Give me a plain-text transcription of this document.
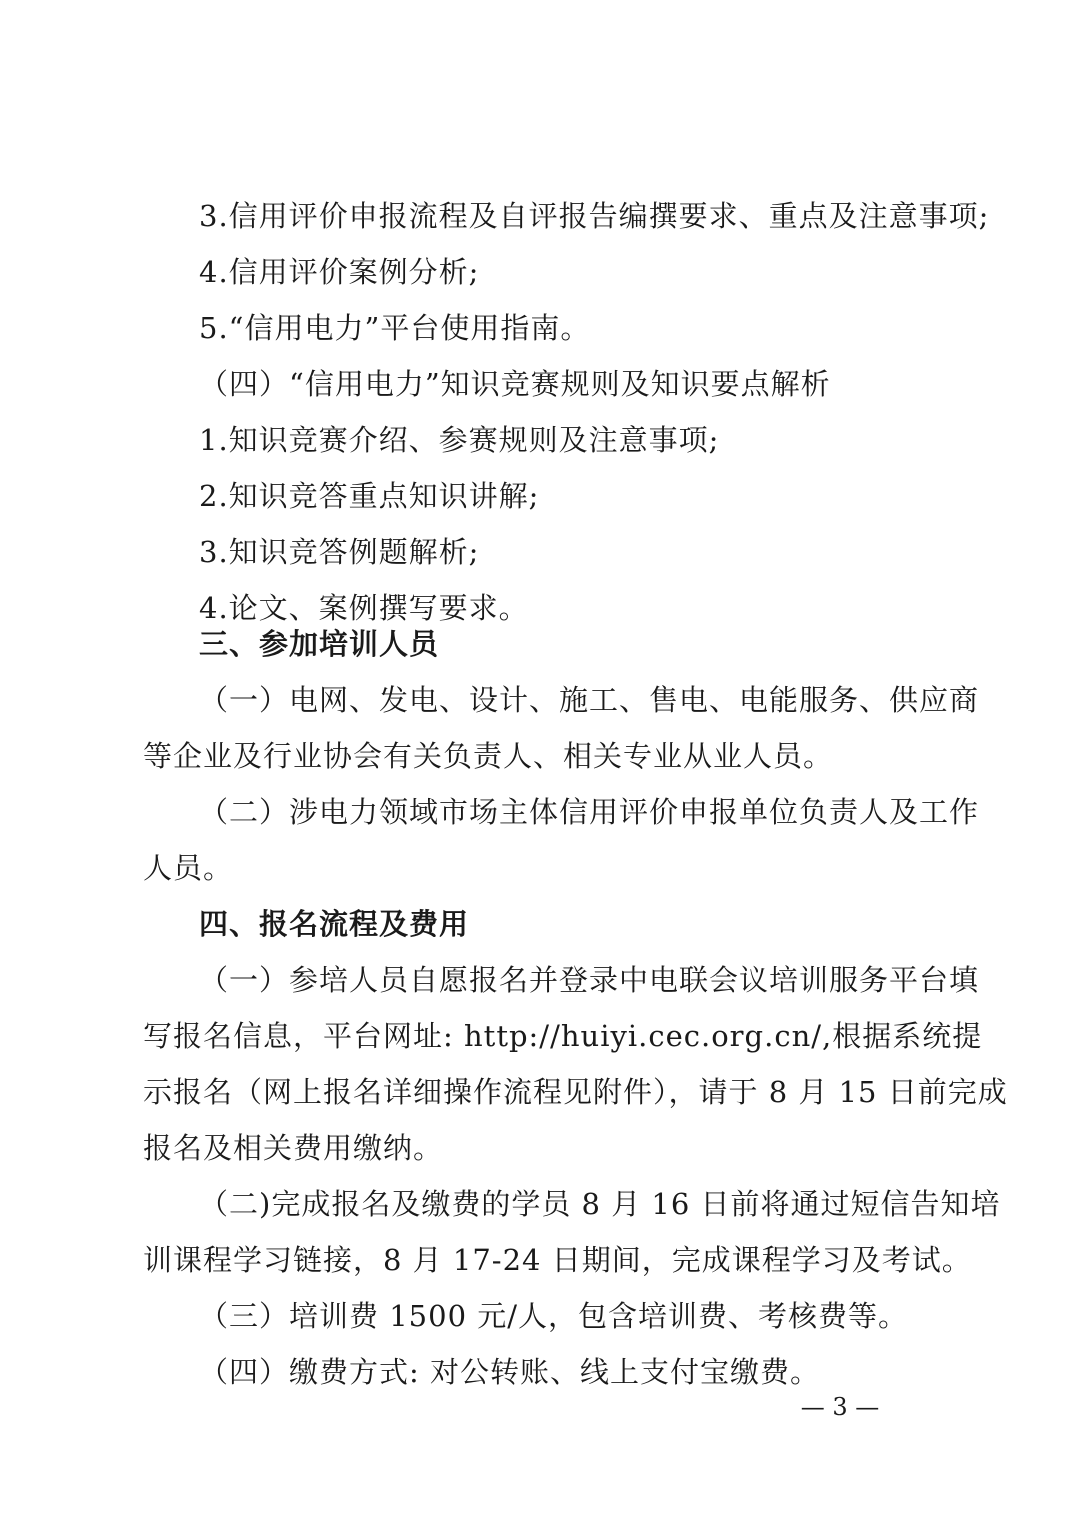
3.信用评价申报流程及自评报告编撰要求、重点及注意事项;
4.信用评价案例分析;
5.“信用电力”平台使用指南。
（四）“信用电力”知识竞赛规则及知识要点解析
1.知识竞赛介绍、参赛规则及注意事项;
2.知识竞答重点知识讲解;
3.知识竞答例题解析;
4.论文、案例撰写要求。
三、参加培训人员
（一）电网、发电、设计、施工、售电、电能服务、供应商
等企业及行业协会有关负责人、相关专业从业人员。
（二）涉电力领域市场主体信用评价申报单位负责人及工作
人员。
四、报名流程及费用
（一）参培人员自愿报名并登录中电联会议培训服务平台填
写报名信息，平台网址: http://huiyi.cec.org.cn/,根据系统提
示报名（网上报名详细操作流程见附件），请于 8 月 15 日前完成
报名及相关费用缴纳。
（二)完成报名及缴费的学员 8 月 16 日前将通过短信告知培
训课程学习链接，8 月 17-24 日期间，完成课程学习及考试。
（三）培训费 1500 元/人，包含培训费、考核费等。
（四）缴费方式: 对公转账、线上支付宝缴费。
— 3 —
